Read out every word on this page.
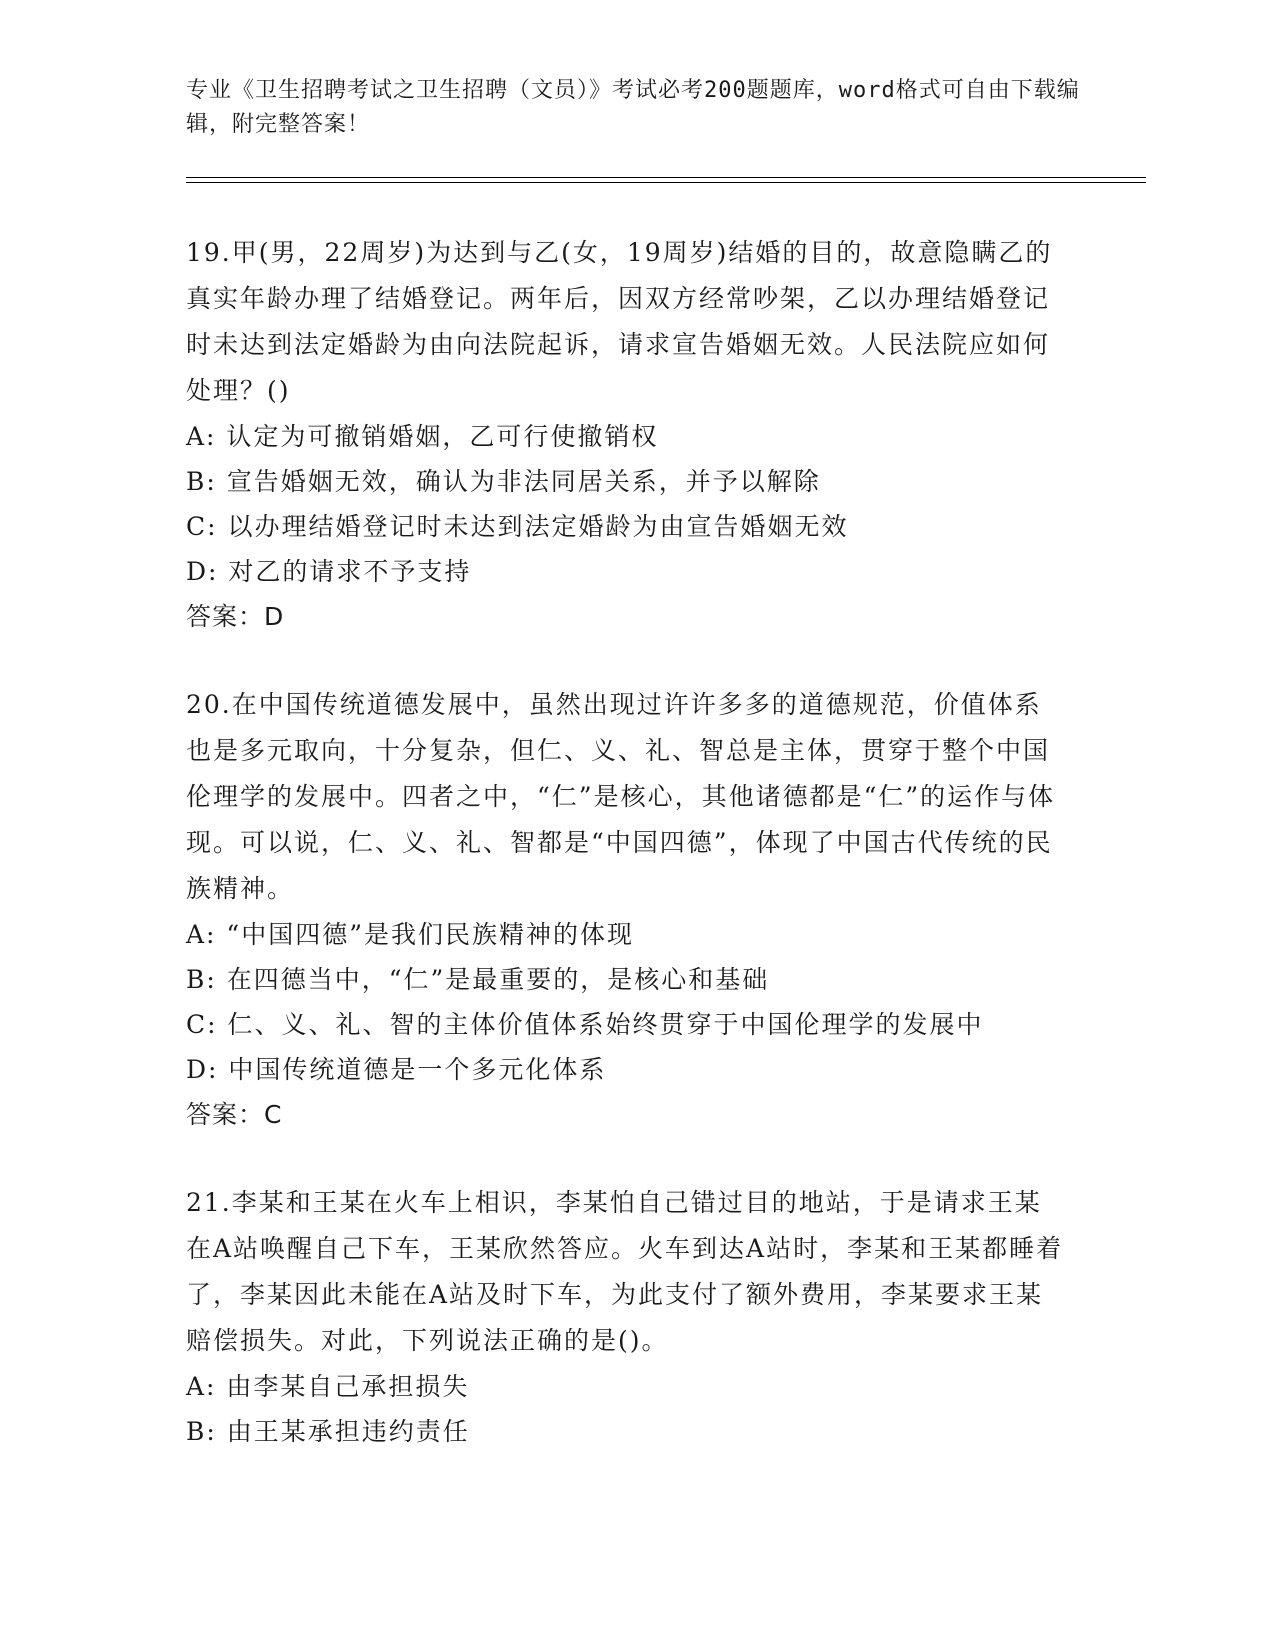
专业《卫生招聘考试之卫生招聘（文员）》考试必考200题题库，word格式可自由下载编辑，附完整答案！

19.甲(男，22周岁)为达到与乙(女，19周岁)结婚的目的，故意隐瞒乙的真实年龄办理了结婚登记。两年后，因双方经常吵架，乙以办理结婚登记时未达到法定婚龄为由向法院起诉，请求宣告婚姻无效。人民法院应如何处理？()

A: 认定为可撤销婚姻，乙可行使撤销权

B: 宣告婚姻无效，确认为非法同居关系，并予以解除

C: 以办理结婚登记时未达到法定婚龄为由宣告婚姻无效

D: 对乙的请求不予支持

答案：D

20.在中国传统道德发展中，虽然出现过许许多多的道德规范，价值体系也是多元取向，十分复杂，但仁、义、礼、智总是主体，贯穿于整个中国伦理学的发展中。四者之中，“仁”是核心，其他诸德都是“仁”的运作与体现。可以说，仁、义、礼、智都是“中国四德”，体现了中国古代传统的民族精神。

A: “中国四德”是我们民族精神的体现

B: 在四德当中，“仁”是最重要的，是核心和基础

C: 仁、义、礼、智的主体价值体系始终贯穿于中国伦理学的发展中

D: 中国传统道德是一个多元化体系

答案：C

21.李某和王某在火车上相识，李某怕自己错过目的地站，于是请求王某在A站唤醒自己下车，王某欣然答应。火车到达A站时，李某和王某都睡着了，李某因此未能在A站及时下车，为此支付了额外费用，李某要求王某赔偿损失。对此，下列说法正确的是()。

A: 由李某自己承担损失

B: 由王某承担违约责任
